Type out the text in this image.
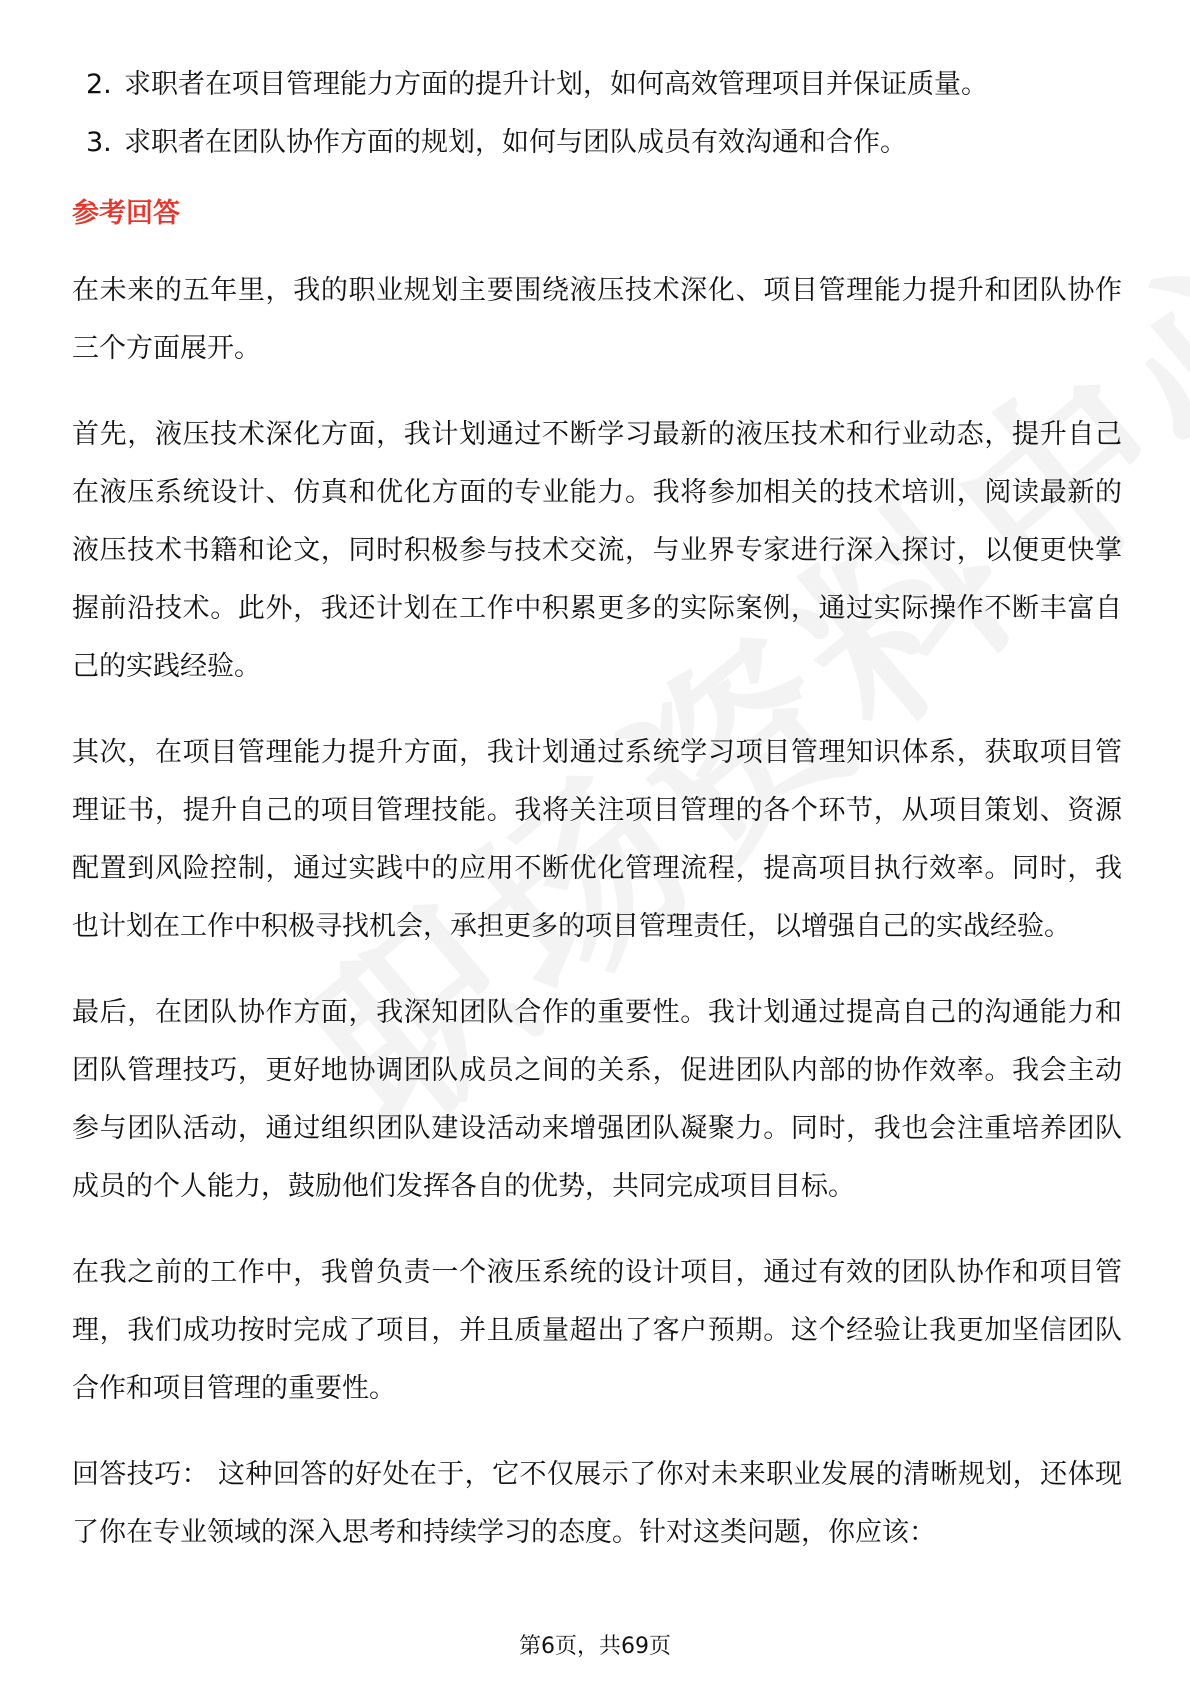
2. 求职者在项目管理能力方面的提升计划，如何高效管理项目并保证质量。
3. 求职者在团队协作方面的规划，如何与团队成员有效沟通和合作。
参考回答

在未来的五年里，我的职业规划主要围绕液压技术深化、项目管理能力提升和团队协作三个方面展开。

首先，液压技术深化方面，我计划通过不断学习最新的液压技术和行业动态，提升自己在液压系统设计、仿真和优化方面的专业能力。我将参加相关的技术培训，阅读最新的液压技术书籍和论文，同时积极参与技术交流，与业界专家进行深入探讨，以便更快掌握前沿技术。此外，我还计划在工作中积累更多的实际案例，通过实际操作不断丰富自己的实践经验。

其次，在项目管理能力提升方面，我计划通过系统学习项目管理知识体系，获取项目管理证书，提升自己的项目管理技能。我将关注项目管理的各个环节，从项目策划、资源配置到风险控制，通过实践中的应用不断优化管理流程，提高项目执行效率。同时，我也计划在工作中积极寻找机会，承担更多的项目管理责任，以增强自己的实战经验。

最后，在团队协作方面，我深知团队合作的重要性。我计划通过提高自己的沟通能力和团队管理技巧，更好地协调团队成员之间的关系，促进团队内部的协作效率。我会主动参与团队活动，通过组织团队建设活动来增强团队凝聚力。同时，我也会注重培养团队成员的个人能力，鼓励他们发挥各自的优势，共同完成项目目标。

在我之前的工作中，我曾负责一个液压系统的设计项目，通过有效的团队协作和项目管理，我们成功按时完成了项目，并且质量超出了客户预期。这个经验让我更加坚信团队合作和项目管理的重要性。

回答技巧： 这种回答的好处在于，它不仅展示了你对未来职业发展的清晰规划，还体现了你在专业领域的深入思考和持续学习的态度。针对这类问题，你应该：

第6页，共69页
